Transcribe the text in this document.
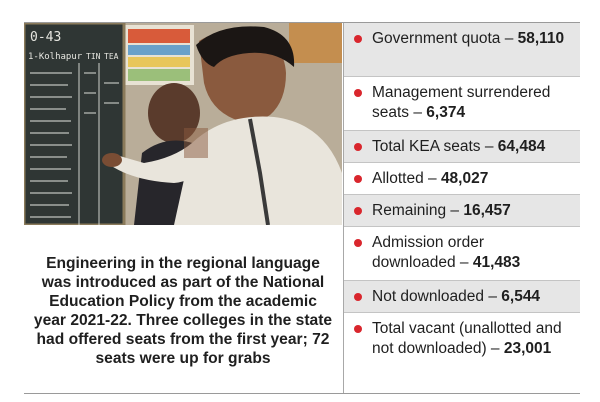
0-43
1-Kolhapur TIN TEA
Engineering in the regional language was introduced as part of the National Education Policy from the academic year 2021-22. Three colleges in the state had offered seats from the first year; 72 seats were up for grabs
Government quota – 58,110
Management surrendered seats – 6,374
Total KEA seats – 64,484
Allotted – 48,027
Remaining – 16,457
Admission order downloaded – 41,483
Not downloaded – 6,544
Total vacant (unallotted and not downloaded) – 23,001
